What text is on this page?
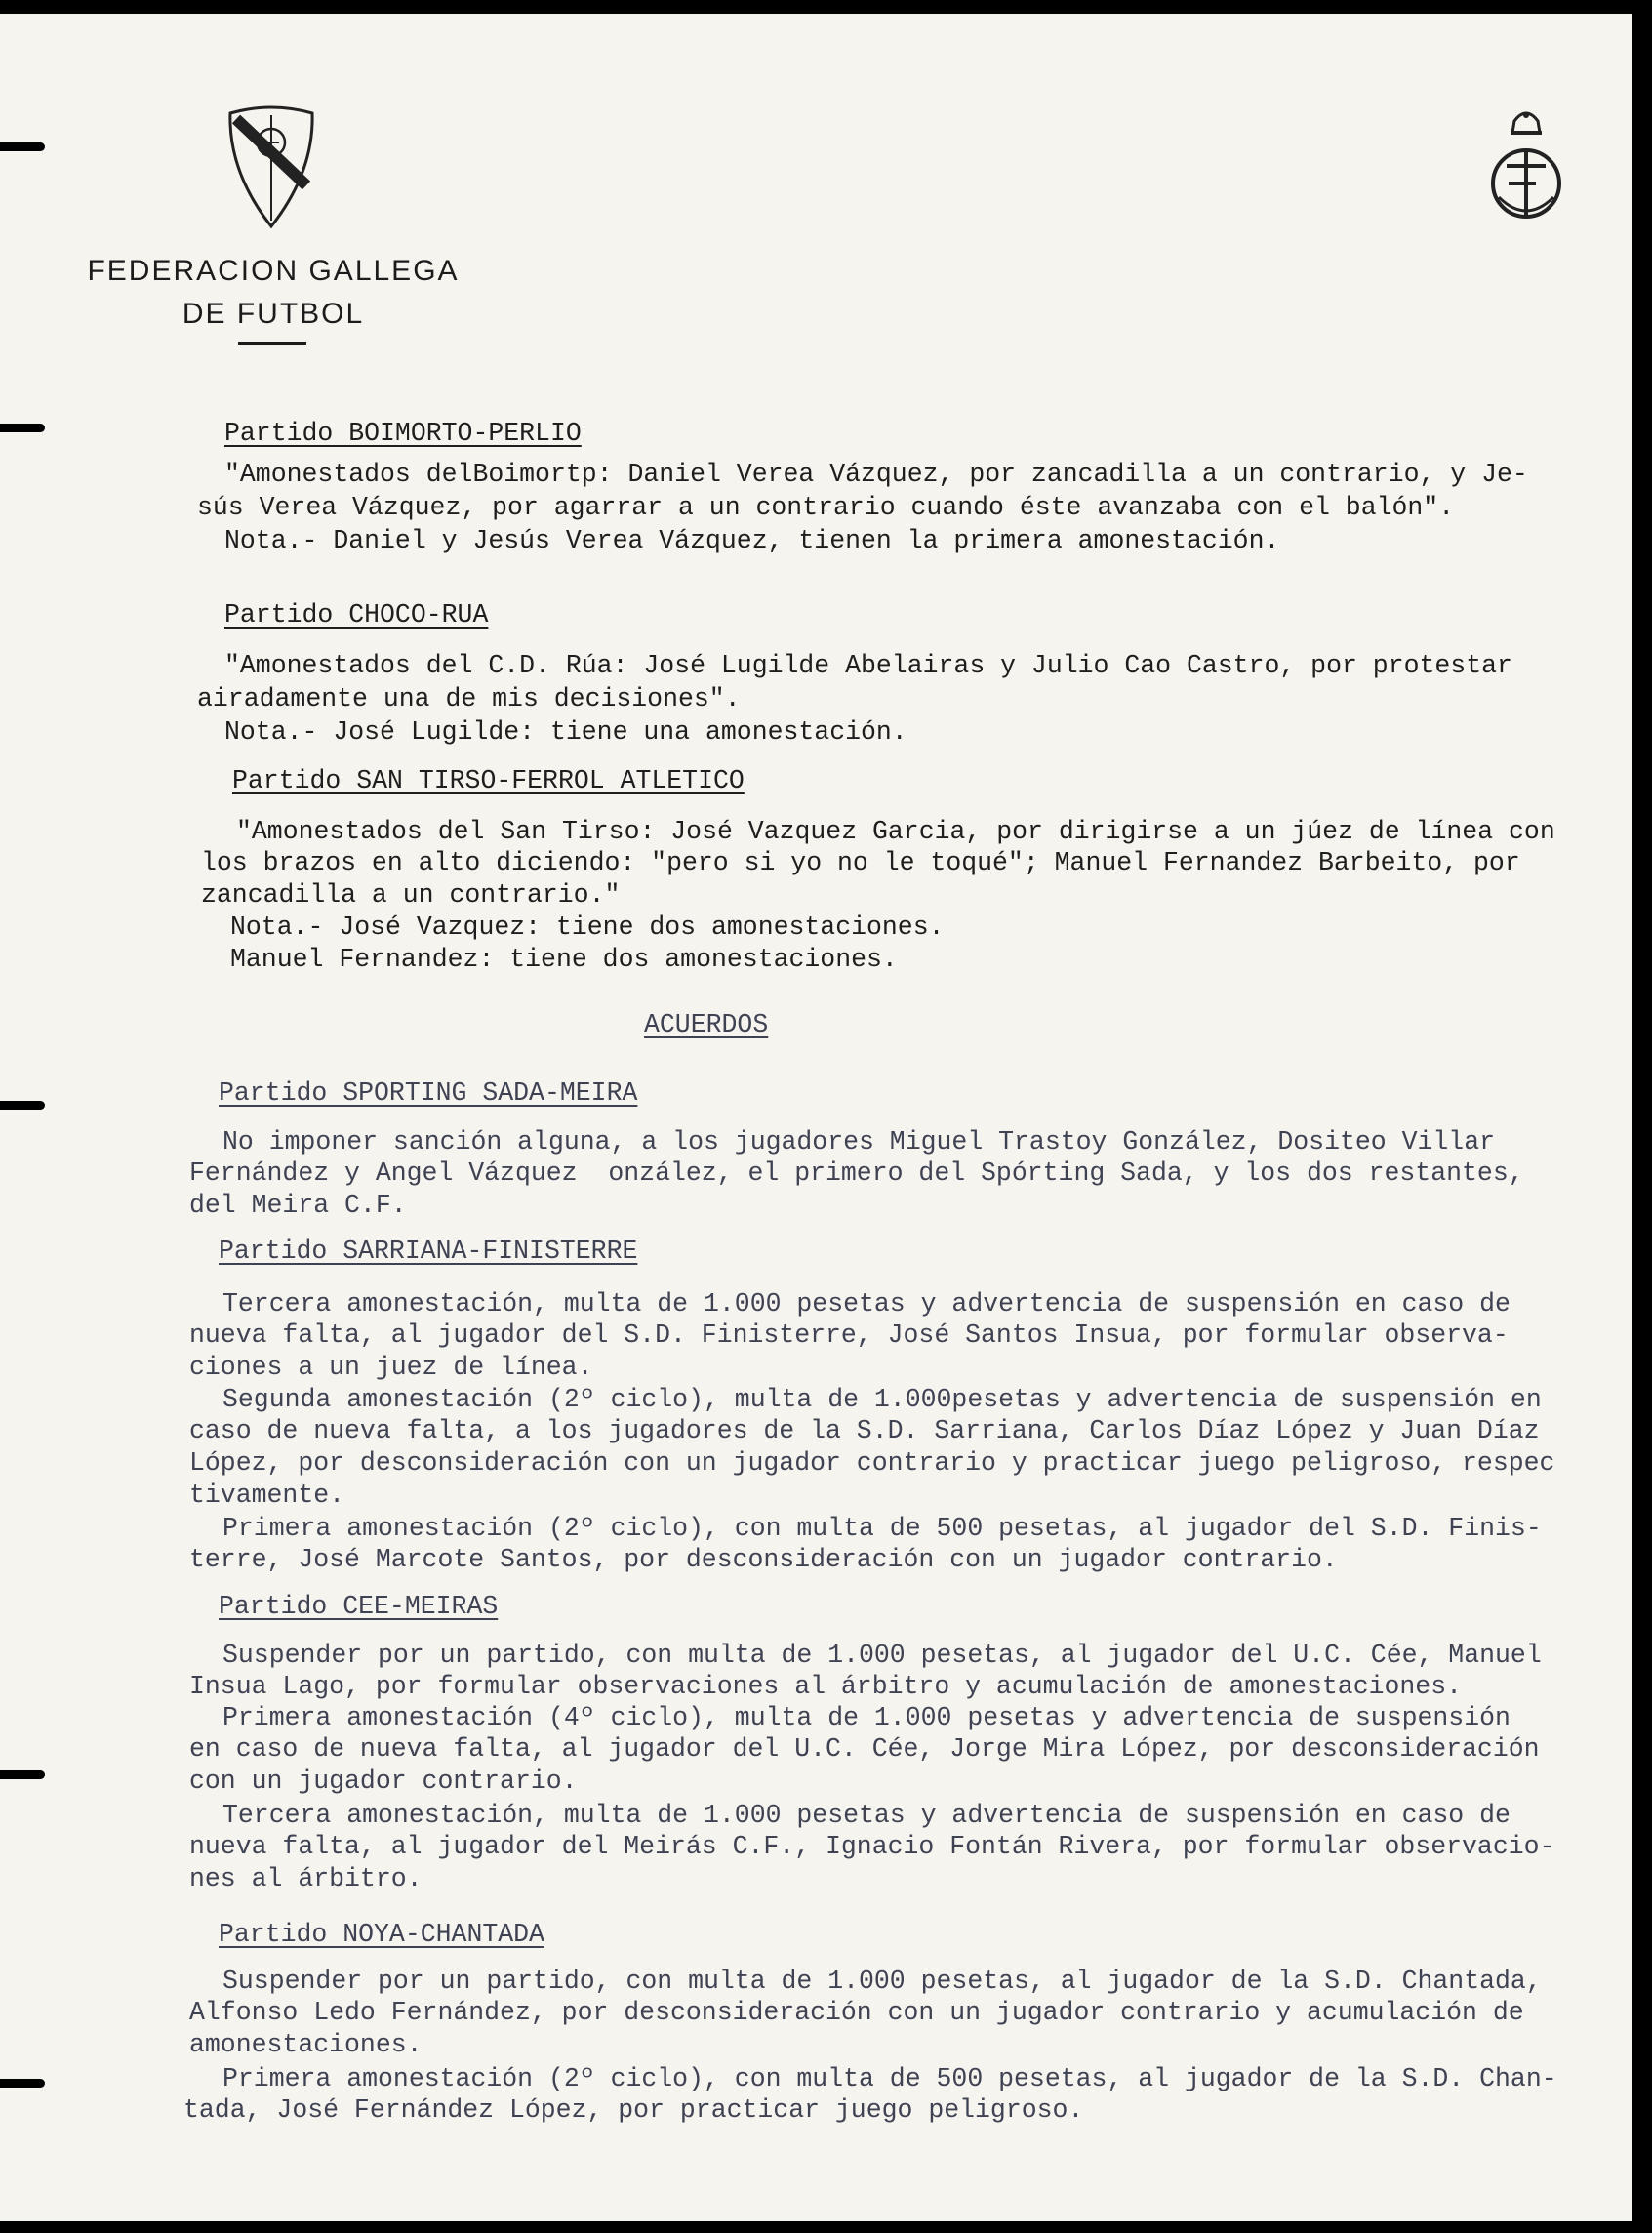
FEDERACION GALLEGA
DE FUTBOL
Partido BOIMORTO-PERLIO

"Amonestados delBoimortp: Daniel Verea Vázquez, por zancadilla a un contrario, y Je-

sús Verea Vázquez, por agarrar a un contrario cuando éste avanzaba con el balón".

Nota.- Daniel y Jesús Verea Vázquez, tienen la primera amonestación.

Partido CHOCO-RUA

"Amonestados del C.D. Rúa: José Lugilde Abelairas y Julio Cao Castro, por protestar

airadamente una de mis decisiones".

Nota.- José Lugilde: tiene una amonestación.

Partido SAN TIRSO-FERROL ATLETICO

"Amonestados del San Tirso: José Vazquez Garcia, por dirigirse a un júez de línea con

los brazos en alto diciendo: "pero si yo no le toqué"; Manuel Fernandez Barbeito, por

zancadilla a un contrario."

Nota.- José Vazquez: tiene dos amonestaciones.

Manuel Fernandez: tiene dos amonestaciones.

ACUERDOS
Partido SPORTING SADA-MEIRA

No imponer sanción alguna, a los jugadores Miguel Trastoy González, Dositeo Villar

Fernández y Angel Vázquez  onzález, el primero del Spórting Sada, y los dos restantes,

del Meira C.F.

Partido SARRIANA-FINISTERRE

Tercera amonestación, multa de 1.000 pesetas y advertencia de suspensión en caso de

nueva falta, al jugador del S.D. Finisterre, José Santos Insua, por formular observa-

ciones a un juez de línea.

Segunda amonestación (2º ciclo), multa de 1.000pesetas y advertencia de suspensión en

caso de nueva falta, a los jugadores de la S.D. Sarriana, Carlos Díaz López y Juan Díaz

López, por desconsideración con un jugador contrario y practicar juego peligroso, respec

tivamente.

Primera amonestación (2º ciclo), con multa de 500 pesetas, al jugador del S.D. Finis-

terre, José Marcote Santos, por desconsideración con un jugador contrario.

Partido CEE-MEIRAS

Suspender por un partido, con multa de 1.000 pesetas, al jugador del U.C. Cée, Manuel

Insua Lago, por formular observaciones al árbitro y acumulación de amonestaciones.

Primera amonestación (4º ciclo), multa de 1.000 pesetas y advertencia de suspensión

en caso de nueva falta, al jugador del U.C. Cée, Jorge Mira López, por desconsideración

con un jugador contrario.

Tercera amonestación, multa de 1.000 pesetas y advertencia de suspensión en caso de

nueva falta, al jugador del Meirás C.F., Ignacio Fontán Rivera, por formular observacio-

nes al árbitro.

Partido NOYA-CHANTADA

Suspender por un partido, con multa de 1.000 pesetas, al jugador de la S.D. Chantada,

Alfonso Ledo Fernández, por desconsideración con un jugador contrario y acumulación de

amonestaciones.

Primera amonestación (2º ciclo), con multa de 500 pesetas, al jugador de la S.D. Chan-

tada, José Fernández López, por practicar juego peligroso.
